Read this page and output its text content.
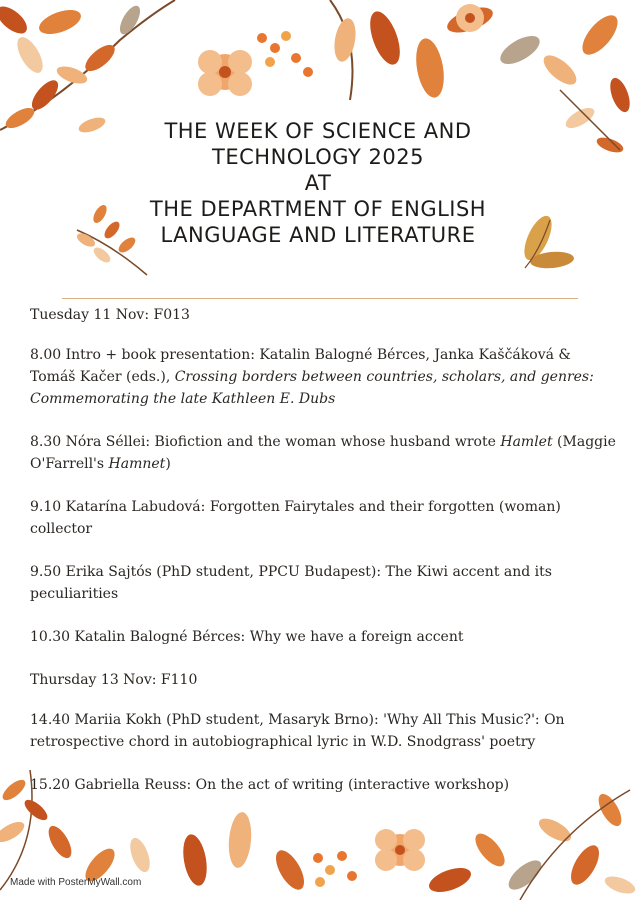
THE WEEK OF SCIENCE AND
TECHNOLOGY 2025
AT
THE DEPARTMENT OF ENGLISH
LANGUAGE AND LITERATURE
Tuesday 11 Nov: F013
8.00 Intro + book presentation: Katalin Balogné Bérces, Janka Kaščáková & Tomáš Kačer (eds.), Crossing borders between countries, scholars, and genres: Commemorating the late Kathleen E. Dubs
8.30 Nóra Séllei: Biofiction and the woman whose husband wrote Hamlet (Maggie O'Farrell's Hamnet)
9.10 Katarína Labudová: Forgotten Fairytales and their forgotten (woman) collector
9.50 Erika Sajtós (PhD student, PPCU Budapest): The Kiwi accent and its peculiarities
10.30 Katalin Balogné Bérces: Why we have a foreign accent
Thursday 13 Nov: F110
14.40 Mariia Kokh (PhD student, Masaryk Brno): 'Why All This Music?': On retrospective chord in autobiographical lyric in W.D. Snodgrass' poetry
15.20 Gabriella Reuss: On the act of writing (interactive workshop)
Made with PosterMyWall.com
